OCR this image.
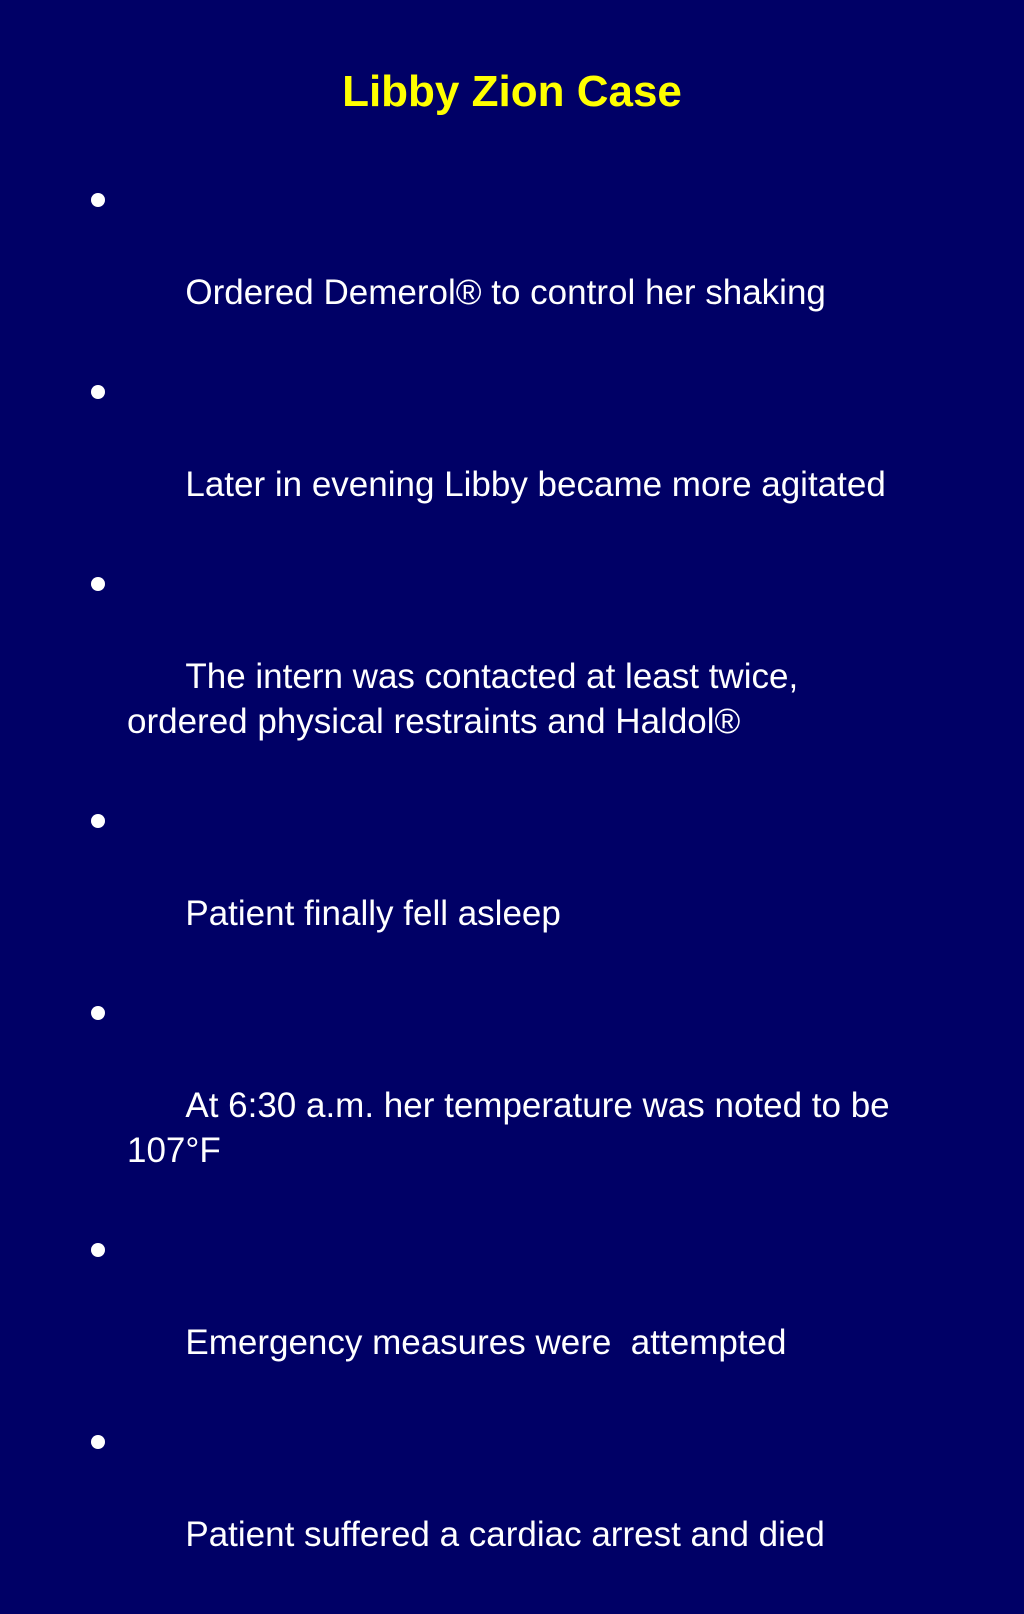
Libby Zion Case

Ordered Demerol® to control her shaking

Later in evening Libby became more agitated

The intern was contacted at least twice,
ordered physical restraints and Haldol®

Patient finally fell asleep

At 6:30 a.m. her temperature was noted to be
107°F

Emergency measures were  attempted

Patient suffered a cardiac arrest and died
